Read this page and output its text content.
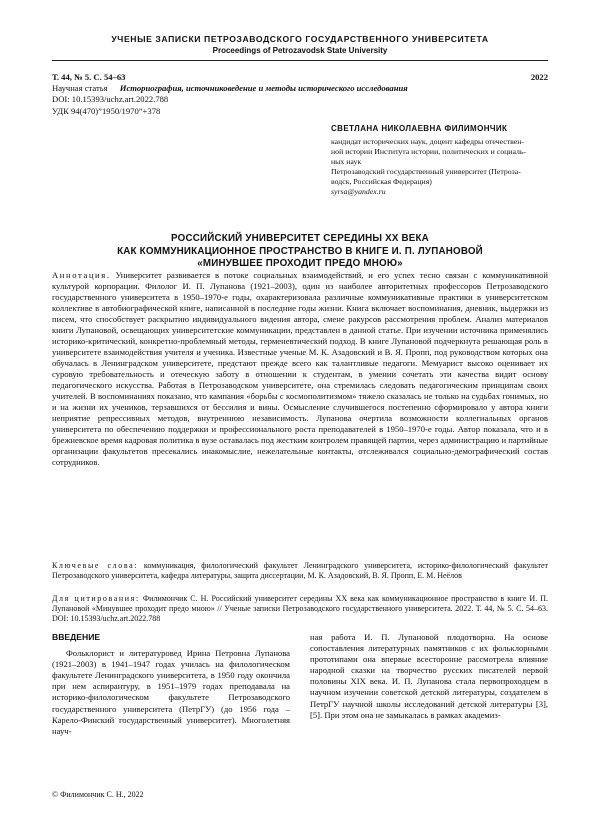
УЧЕНЫЕ ЗАПИСКИ ПЕТРОЗАВОДСКОГО ГОСУДАРСТВЕННОГО УНИВЕРСИТЕТА
Proceedings of Petrozavodsk State University
Т. 44, № 5. С. 54–63	2022
Научная статья Историография, источниковедение и методы исторического исследования
DOI: 10.15393/uchz.art.2022.788
УДК 94(470)”1950/1970”+378
СВЕТЛАНА НИКОЛАЕВНА ФИЛИМОНЧИК
кандидат исторических наук, доцент кафедры отечествен-
ной истории Института истории, политических и социаль-
ных наук
Петрозаводский государственный университет (Петроза-
водск, Российская Федерация)
syrsa@yandex.ru
РОССИЙСКИЙ УНИВЕРСИТЕТ СЕРЕДИНЫ XX ВЕКА
КАК КОММУНИКАЦИОННОЕ ПРОСТРАНСТВО В КНИГЕ И. П. ЛУПАНОВОЙ
«МИНУВШЕЕ ПРОХОДИТ ПРЕДО МНОЮ»
Аннотация. Университет развивается в потоке социальных взаимодействий, и его успех тесно связан с коммуникативной культурой корпорации. Филолог И. П. Лупанова (1921–2003), один из наиболее авторитетных профессоров Петрозаводского государственного университета в 1950–1970-е годы, охарактеризовала различные коммуникативные практики в университетском коллективе в автобиографической книге, написанной в последние годы жизни. Книга включает воспоминания, дневник, выдержки из писем, что способствует раскрытию индивидуального видения автора, смене ракурсов рассмотрения проблем. Анализ материалов книги Лупановой, освещающих университетские коммуникации, представлен в данной статье. При изучении источника применялись историко-критический, конкретно-проблемный методы, герменевтический подход. В книге Лупановой подчеркнута решающая роль в университете взаимодействия учителя и ученика. Известные ученые М. К. Азадовский и В. Я. Пропп, под руководством которых она обучалась в Ленинградском университете, предстают прежде всего как талантливые педагоги. Мемуарист высоко оценивает их суровую требовательность и отеческую заботу в отношении к студентам, в умении сочетать эти качества видит основу педагогического искусства. Работая в Петрозаводском университете, она стремилась следовать педагогическим принципам своих учителей. В воспоминаниях показано, что кампания «борьбы с космополитизмом» тяжело сказалась не только на судьбах гонимых, но и на жизни их учеников, терзавшихся от бессилия и вины. Осмысление случившегося постепенно сформировало у автора книги неприятие репрессивных методов, внутреннюю независимость. Лупанова очертила возможности коллегиальных органов университета по обеспечению поддержки и профессионального роста преподавателей в 1950–1970-е годы. Автор показала, что и в брежневское время кадровая политика в вузе оставалась под жестким контролем правящей партии, через администрацию и партийные организации факультетов пресекались инакомыслие, нежелательные контакты, отслеживался социально-демографический состав сотрудников.
Ключевые слова: коммуникация, филологический факультет Ленинградского университета, историко-филологический факультет Петрозаводского университета, кафедра литературы, защита диссертации, М. К. Азадовский, В. Я. Пропп, Е. М. Неёлов
Для цитирования: Филимончик С. Н. Российский университет середины XX века как коммуникационное пространство в книге И. П. Лупановой «Минувшее проходит предо мною» // Ученые записки Петрозаводского государственного университета. 2022. Т. 44, № 5. С. 54–63. DOI: 10.15393/uchz.art.2022.788
ВВЕДЕНИЕ
Фольклорист и литературовед Ирина Петровна Лупанова (1921–2003) в 1941–1947 годах училась на филологическом факультете Ленинградского университета, в 1950 году окончила при нем аспирантуру, в 1951–1979 годах преподавала на историко-филологическом факультете Петрозаводского государственного университета (ПетрГУ) (до 1956 года – Карело-Финский государственный университет). Многолетняя науч-
ная работа И. П. Лупановой плодотворна. На основе сопоставления литературных памятников с их фольклорными прототипами она впервые всесторонне рассмотрела влияние народной сказки на творчество русских писателей первой половины XIX века. И. П. Лупанова стала первопроходцем в научном изучении советской детской литературы, создателем в ПетрГУ научной школы исследований детской литературы [3], [5]. При этом она не замыкалась в рамках академиз-
© Филимончик С. Н., 2022
